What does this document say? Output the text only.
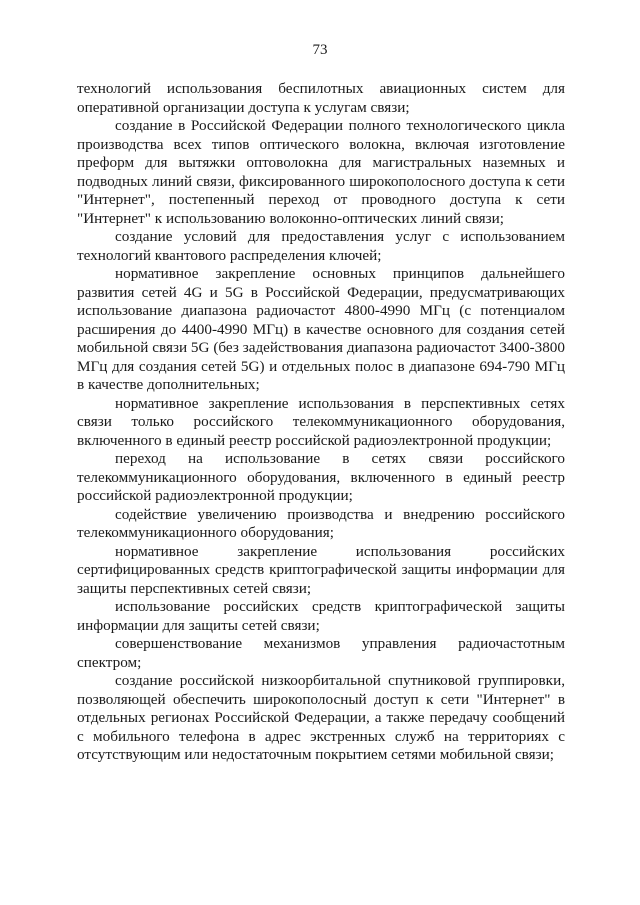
73

технологий использования беспилотных авиационных систем для оперативной организации доступа к услугам связи;

создание в Российской Федерации полного технологического цикла производства всех типов оптического волокна, включая изготовление преформ для вытяжки оптоволокна для магистральных наземных и подводных линий связи, фиксированного широкополосного доступа к сети "Интернет", постепенный переход от проводного доступа к сети "Интернет" к использованию волоконно-оптических линий связи;

создание условий для предоставления услуг с использованием технологий квантового распределения ключей;

нормативное закрепление основных принципов дальнейшего развития сетей 4G и 5G в Российской Федерации, предусматривающих использование диапазона радиочастот 4800-4990 МГц (с потенциалом расширения до 4400-4990 МГц) в качестве основного для создания сетей мобильной связи 5G (без задействования диапазона радиочастот 3400-3800 МГц для создания сетей 5G) и отдельных полос в диапазоне 694-790 МГц в качестве дополнительных;

нормативное закрепление использования в перспективных сетях связи только российского телекоммуникационного оборудования, включенного в единый реестр российской радиоэлектронной продукции;

переход на использование в сетях связи российского телекоммуникационного оборудования, включенного в единый реестр российской радиоэлектронной продукции;

содействие увеличению производства и внедрению российского телекоммуникационного оборудования;

нормативное закрепление использования российских сертифицированных средств криптографической защиты информации для защиты перспективных сетей связи;

использование российских средств криптографической защиты информации для защиты сетей связи;

совершенствование механизмов управления радиочастотным спектром;

создание российской низкоорбитальной спутниковой группировки, позволяющей обеспечить широкополосный доступ к сети "Интернет" в отдельных регионах Российской Федерации, а также передачу сообщений с мобильного телефона в адрес экстренных служб на территориях с отсутствующим или недостаточным покрытием сетями мобильной связи;
